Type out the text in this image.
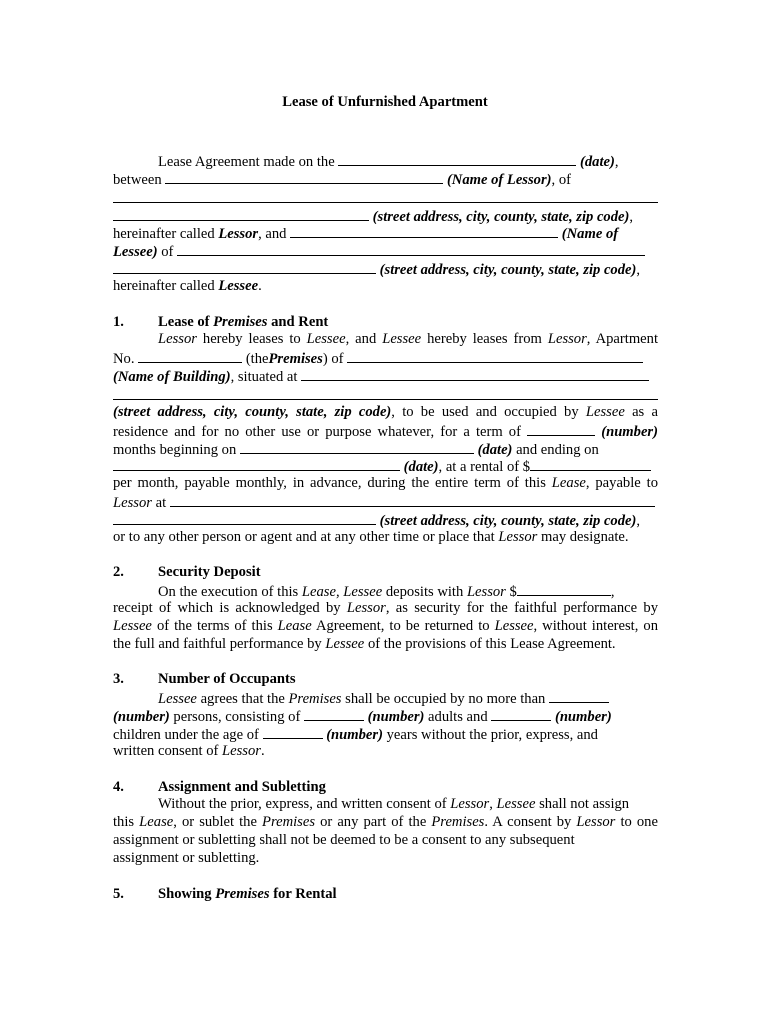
Lease of Unfurnished Apartment
Lease Agreement made on the	(date),
between	(Name of Lessor), of
(street address, city, county, state, zip code),
hereinafter called Lessor, and	(Name of
Lessee) of
(street address, city, county, state, zip code),
hereinafter called Lessee.
1. Lease of Premises and Rent
Lessor hereby leases to Lessee, and Lessee hereby leases from Lessor, Apartment
No.	(thePremises) of
(Name of Building), situated at
(street address, city, county, state, zip code), to be used and occupied by Lessee as a
residence and for no other use or purpose whatever, for a term of	(number)
months beginning on	(date) and ending on
(date), at a rental of $
per month, payable monthly, in advance, during the entire term of this Lease, payable to
Lessor at
(street address, city, county, state, zip code),
or to any other person or agent and at any other time or place that Lessor may designate.
2. Security Deposit
On the execution of this Lease, Lessee deposits with Lessor $	,
receipt of which is acknowledged by Lessor, as security for the faithful performance by
Lessee of the terms of this Lease Agreement, to be returned to Lessee, without interest, on
the full and faithful performance by Lessee of the provisions of this Lease Agreement.
3. Number of Occupants
Lessee agrees that the Premises shall be occupied by no more than
(number) persons, consisting of	(number) adults and	(number)
children under the age of	(number) years without the prior, express, and
written consent of Lessor.
4. Assignment and Subletting
Without the prior, express, and written consent of Lessor, Lessee shall not assign
this Lease, or sublet the Premises or any part of the Premises. A consent by Lessor to one
assignment or subletting shall not be deemed to be a consent to any subsequent
assignment or subletting.
5. Showing Premises for Rental
